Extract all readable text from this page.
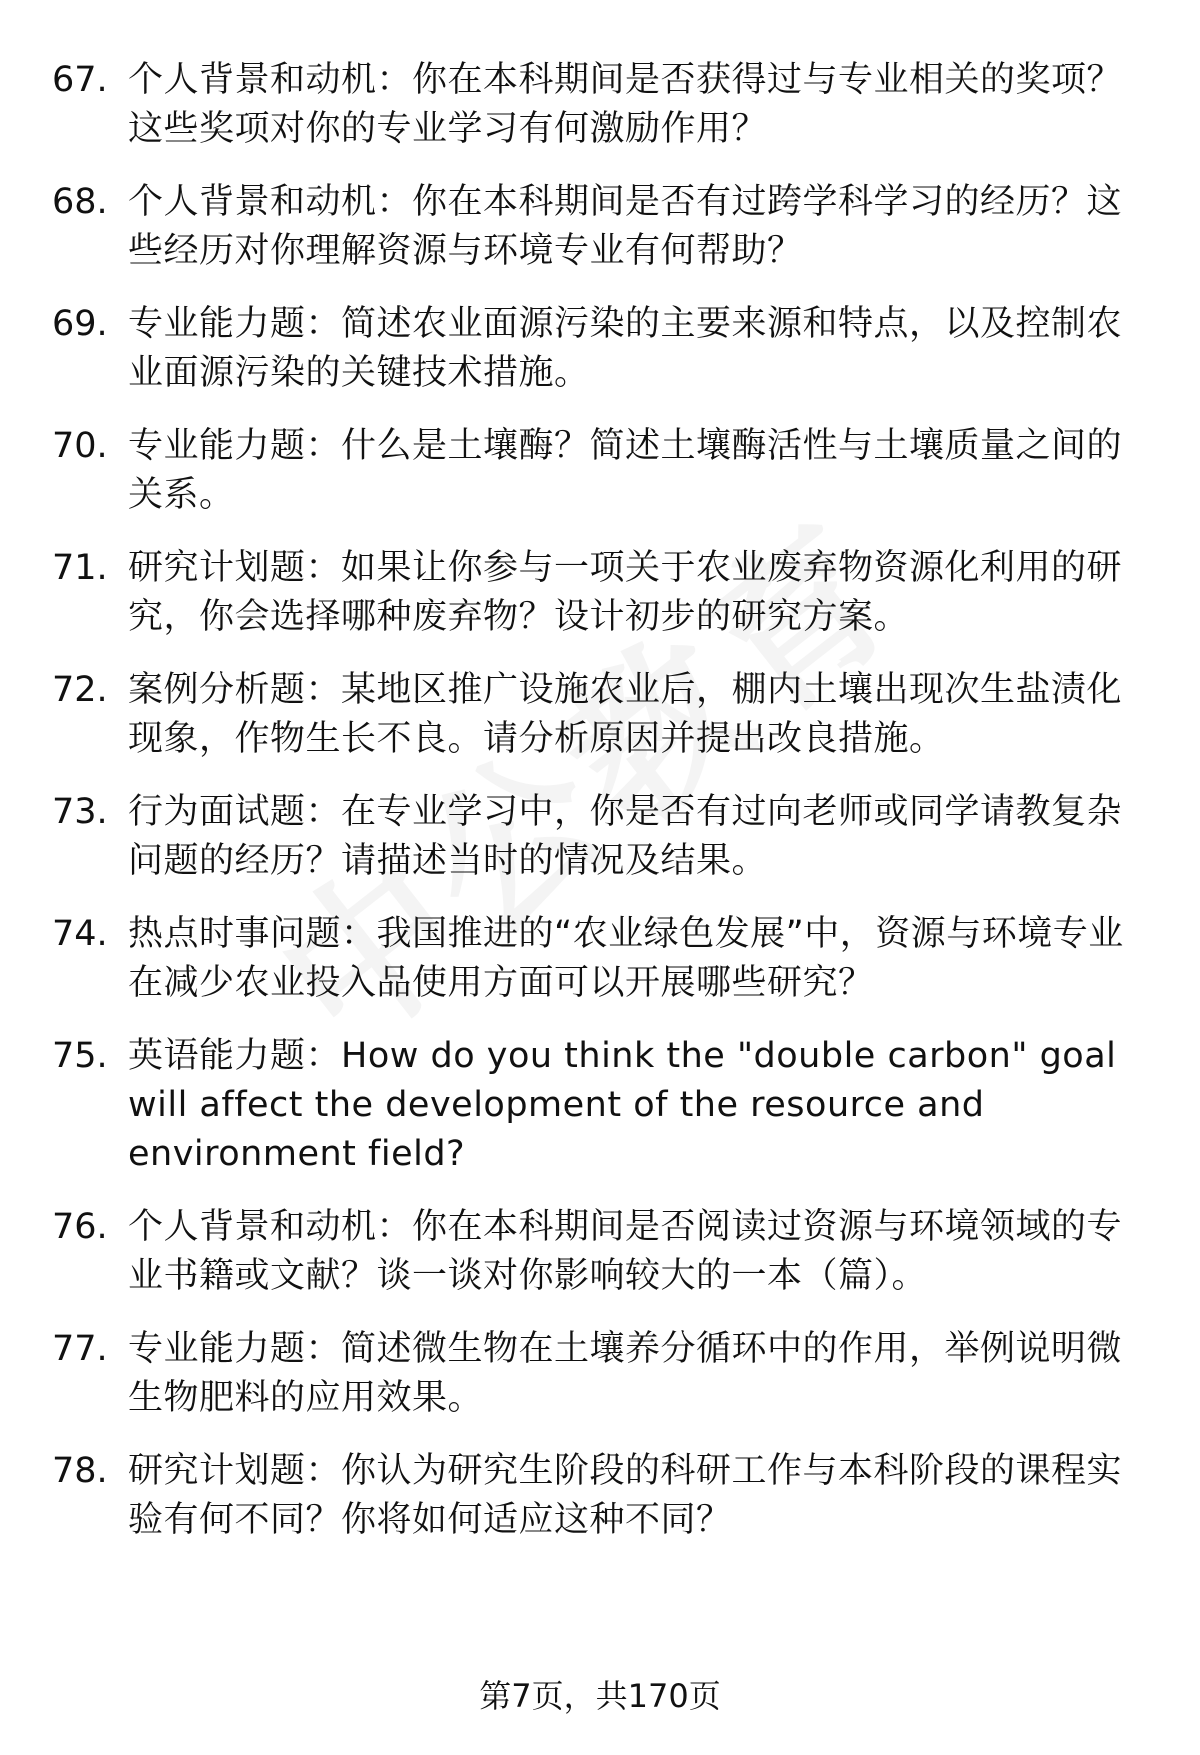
67. 个人背景和动机：你在本科期间是否获得过与专业相关的奖项？这些奖项对你的专业学习有何激励作用？
68. 个人背景和动机：你在本科期间是否有过跨学科学习的经历？这些经历对你理解资源与环境专业有何帮助？
69. 专业能力题：简述农业面源污染的主要来源和特点，以及控制农业面源污染的关键技术措施。
70. 专业能力题：什么是土壤酶？简述土壤酶活性与土壤质量之间的关系。
71. 研究计划题：如果让你参与一项关于农业废弃物资源化利用的研究，你会选择哪种废弃物？设计初步的研究方案。
72. 案例分析题：某地区推广设施农业后，棚内土壤出现次生盐渍化现象，作物生长不良。请分析原因并提出改良措施。
73. 行为面试题：在专业学习中，你是否有过向老师或同学请教复杂问题的经历？请描述当时的情况及结果。
74. 热点时事问题：我国推进的“农业绿色发展”中，资源与环境专业在减少农业投入品使用方面可以开展哪些研究？
75. 英语能力题：How do you think the "double carbon" goal will affect the development of the resource and environment field?
76. 个人背景和动机：你在本科期间是否阅读过资源与环境领域的专业书籍或文献？谈一谈对你影响较大的一本（篇）。
77. 专业能力题：简述微生物在土壤养分循环中的作用，举例说明微生物肥料的应用效果。
78. 研究计划题：你认为研究生阶段的科研工作与本科阶段的课程实验有何不同？你将如何适应这种不同？
第7页，共170页
